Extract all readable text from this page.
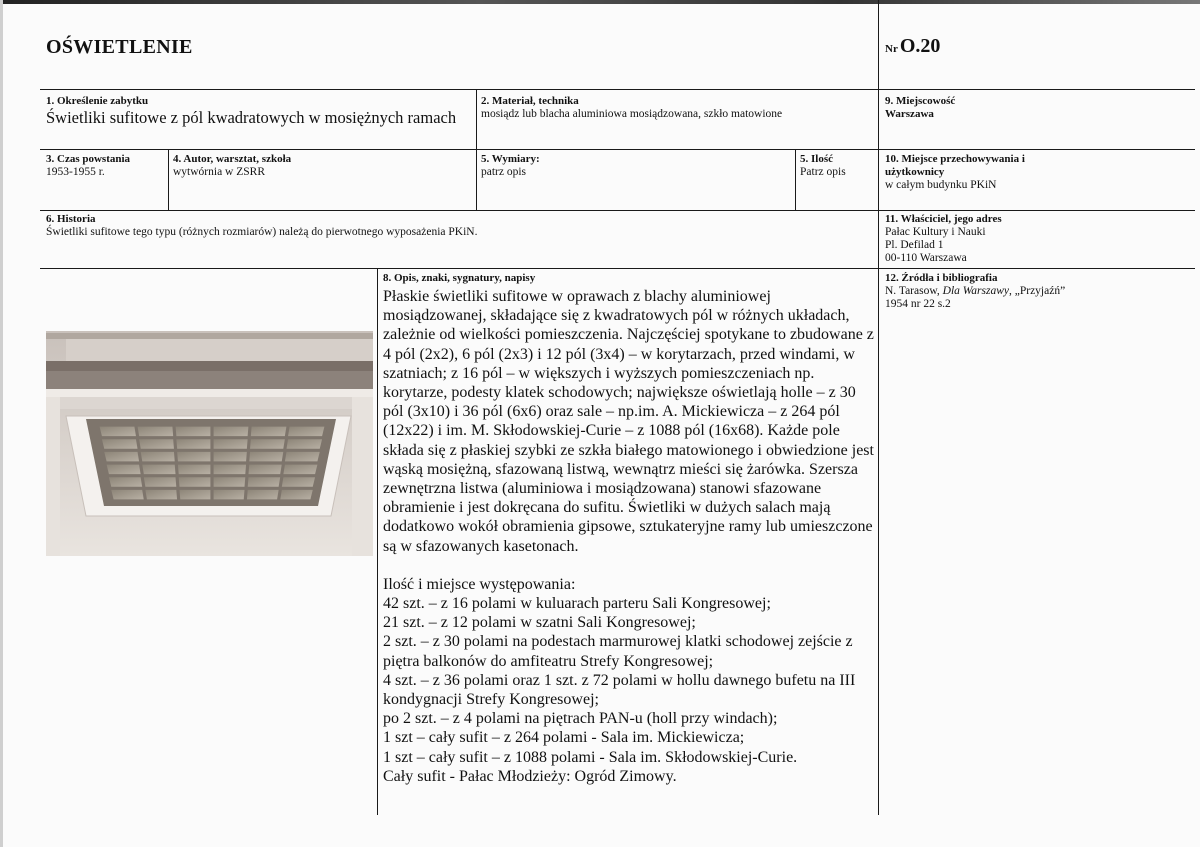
OŚWIETLENIE	Nr O.20
1. Określenie zabytku
Świetliki sufitowe z pól kwadratowych w mosiężnych ramach
2. Materiał, technika
mosiądz lub blacha aluminiowa mosiądzowana, szkło matowione
9. Miejscowość
Warszawa
3. Czas powstania
1953-1955 r.
4. Autor, warsztat, szkoła
wytwórnia w ZSRR
5. Wymiary:
patrz opis
5. Ilość
Patrz opis
10. Miejsce przechowywania i
użytkownicy
w całym budynku PKiN
6. Historia
Świetliki sufitowe tego typu (różnych rozmiarów) należą do pierwotnego wyposażenia PKiN.
11. Właściciel, jego adres
Pałac Kultury i Nauki
Pl. Defilad 1
00-110 Warszawa
8. Opis, znaki, sygnatury, napisy

Płaskie świetliki sufitowe w oprawach z blachy aluminiowej mosiądzowanej, składające się z kwadratowych pól w różnych układach, zależnie od wielkości pomieszczenia. Najczęściej spotykane to zbudowane z 4 pól (2x2), 6 pól (2x3) i 12 pól (3x4) – w korytarzach, przed windami, w szatniach; z 16 pól – w większych i wyższych pomieszczeniach np. korytarze, podesty klatek schodowych; największe oświetlają holle – z 30 pól (3x10) i 36 pól (6x6) oraz sale – np.im. A. Mickiewicza – z 264 pól (12x22) i im. M. Skłodowskiej-Curie – z 1088 pól (16x68). Każde pole składa się z płaskiej szybki ze szkła białego matowionego i obwiedzione jest wąską mosiężną, sfazowaną listwą, wewnątrz mieści się żarówka. Szersza zewnętrzna listwa (aluminiowa i mosiądzowana) stanowi sfazowane obramienie i jest dokręcana do sufitu. Świetliki w dużych salach mają dodatkowo wokół obramienia gipsowe, sztukateryjne ramy lub umieszczone są w sfazowanych kasetonach.

Ilość i miejsce występowania:

42 szt. – z 16 polami w kuluarach parteru Sali Kongresowej;

21 szt. – z 12 polami w szatni Sali Kongresowej;

2 szt. – z 30 polami na podestach marmurowej klatki schodowej zejście z piętra balkonów do amfiteatru Strefy Kongresowej;

4 szt. – z 36 polami oraz 1 szt. z 72 polami w hollu dawnego bufetu na III kondygnacji Strefy Kongresowej;

po 2 szt. – z 4 polami na piętrach PAN-u (holl przy windach);

1 szt – cały sufit – z 264 polami - Sala im. Mickiewicza;

1 szt – cały sufit – z 1088 polami - Sala im. Skłodowskiej-Curie.

Cały sufit - Pałac Młodzieży: Ogród Zimowy.

12. Źródła i bibliografia
N. Tarasow, Dla Warszawy, „Przyjaźń”
1954 nr 22 s.2
